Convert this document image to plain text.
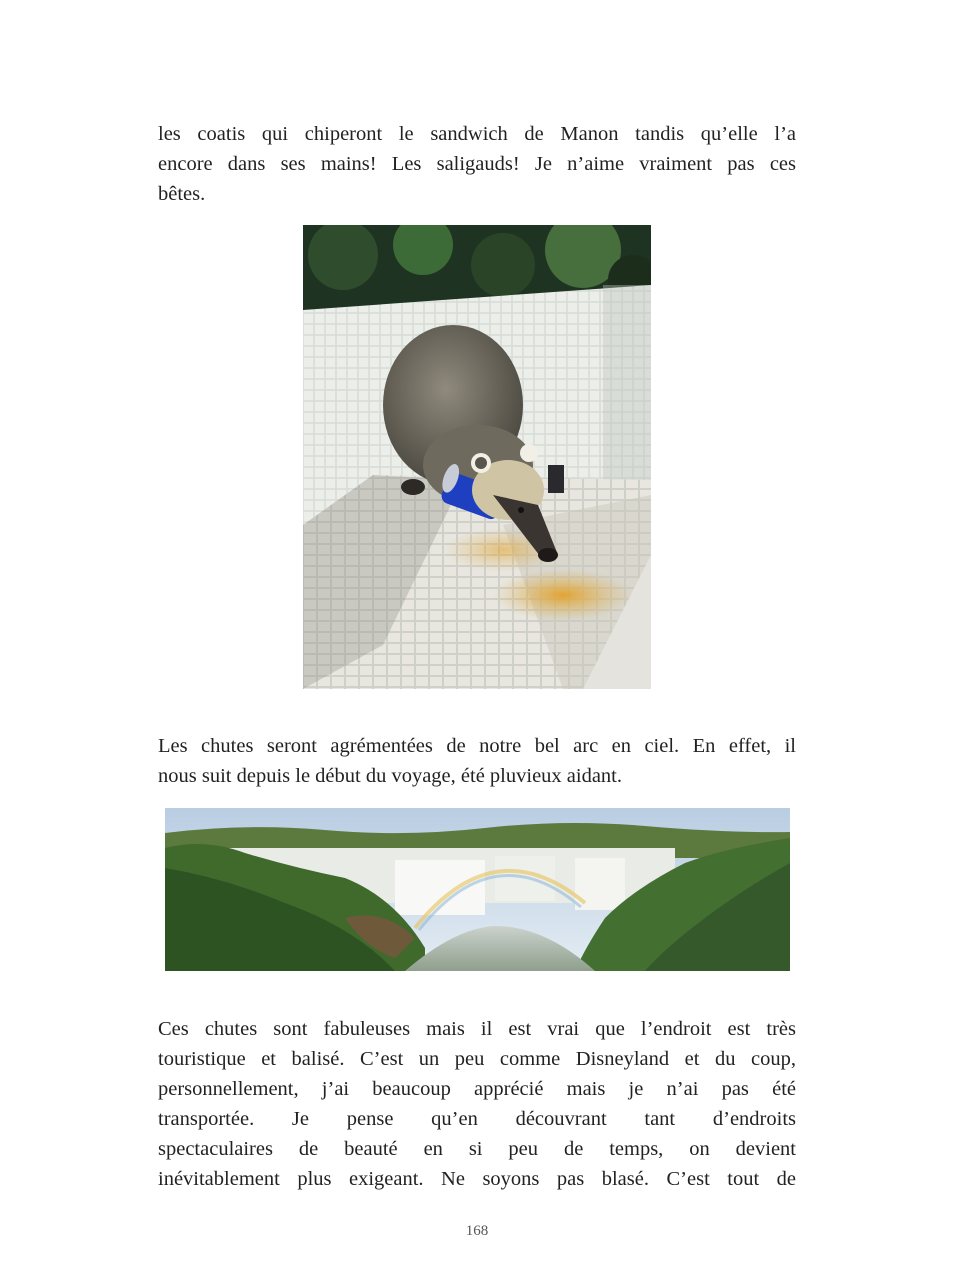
les coatis qui chiperont le sandwich de Manon tandis qu’elle l’a
encore dans ses mains! Les saligauds! Je n’aime vraiment pas ces
bêtes.

Les chutes seront agrémentées de notre bel arc en ciel. En effet, il
nous suit depuis le début du voyage, été pluvieux aidant.

Ces chutes sont fabuleuses mais il est vrai que l’endroit est très
touristique et balisé. C’est un peu comme Disneyland et du coup,
personnellement, j’ai beaucoup apprécié mais je n’ai pas été
transportée. Je pense qu’en découvrant tant d’endroits
spectaculaires de beauté en si peu de temps, on devient
inévitablement plus exigeant. Ne soyons pas blasé. C’est tout de

168
